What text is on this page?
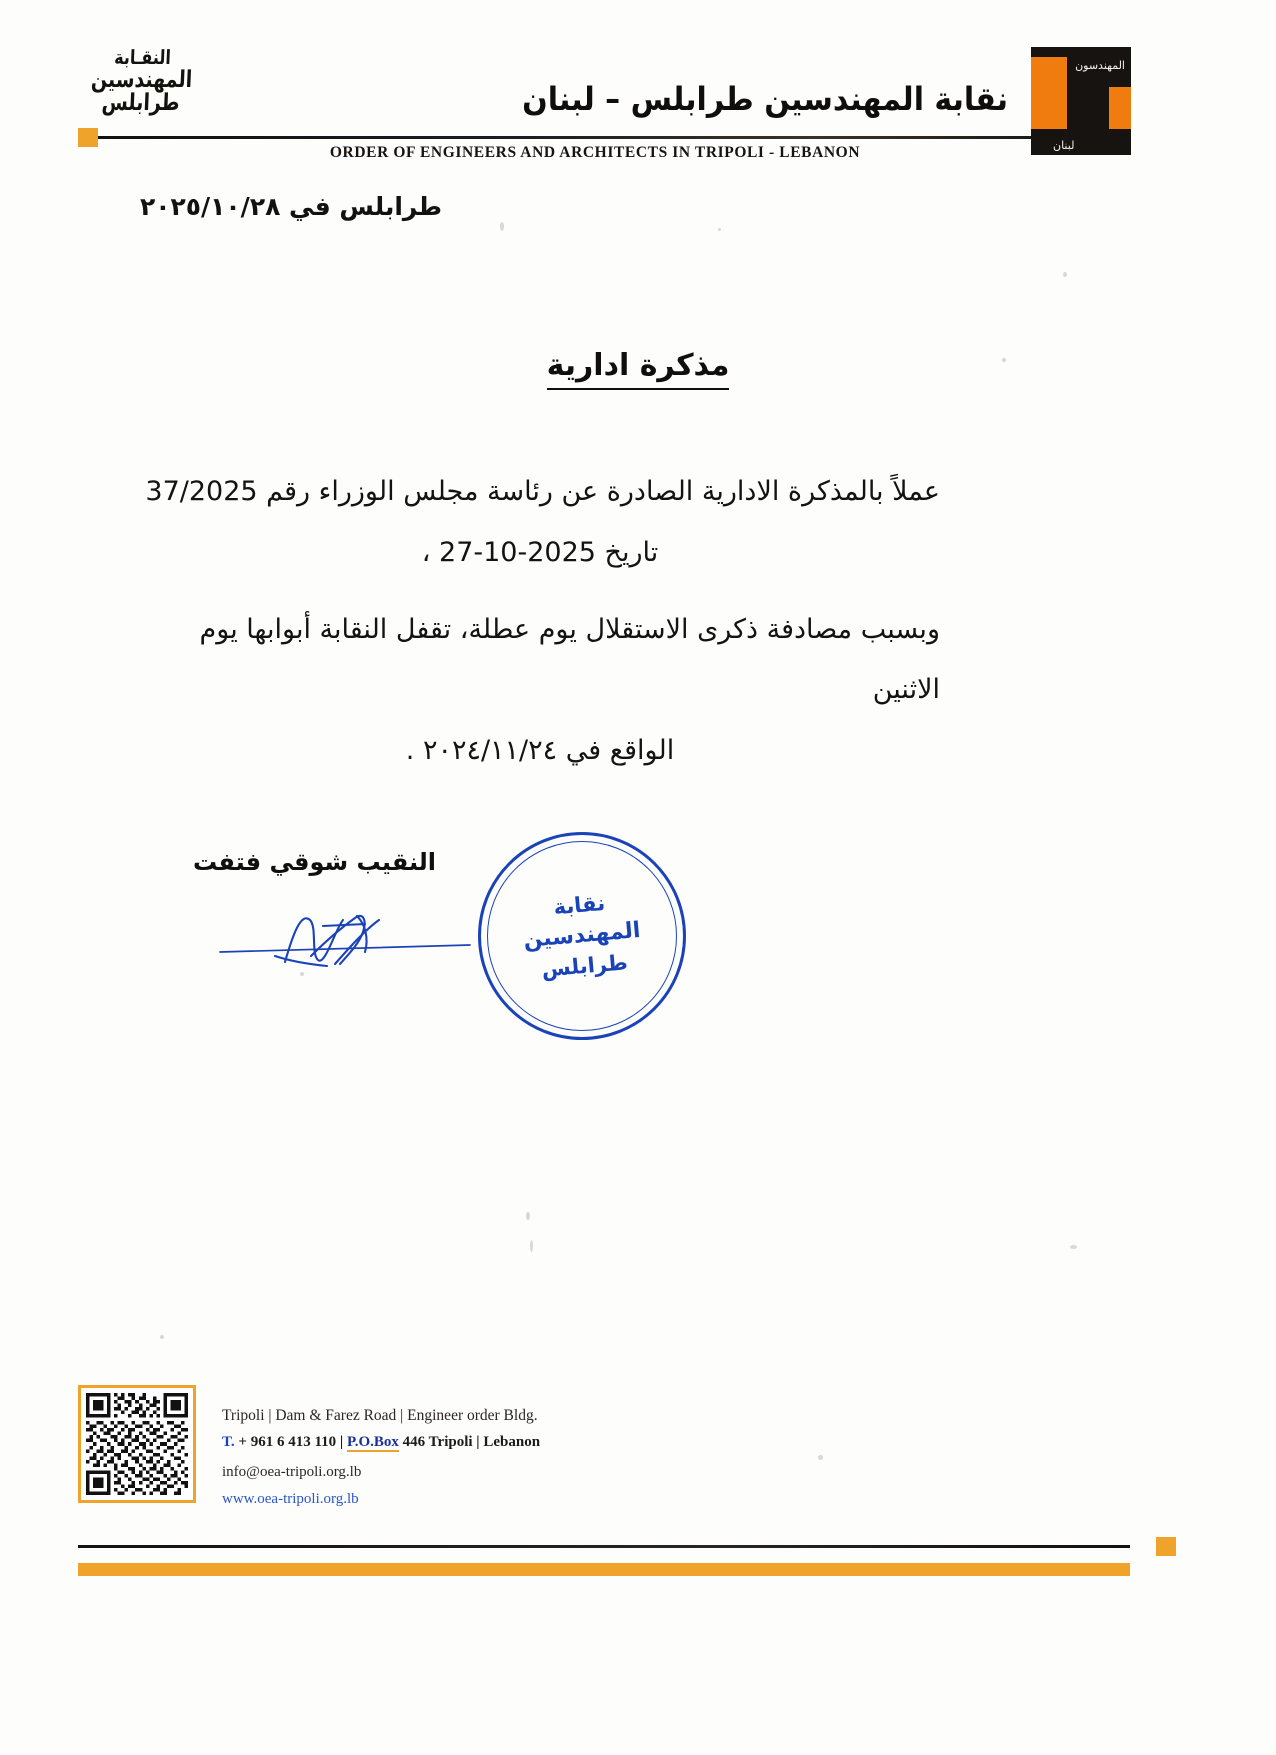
النقـابة
المهندسين
طرابلس	نقابة المهندسين طرابلس – لبنان
ORDER OF ENGINEERS AND ARCHITECTS IN TRIPOLI - LEBANON
المهندسون
لبنان
طرابلس في ٢٠٢٥/١٠/٢٨
مذكرة ادارية
عملاً بالمذكرة الادارية الصادرة عن رئاسة مجلس الوزراء رقم 37/2025
تاريخ 2025-10-27 ،
وبسبب مصادفة ذكرى الاستقلال يوم عطلة، تقفل النقابة أبوابها يوم الاثنين
الواقع في ٢٠٢٤/١١/٢٤ .
النقيب شوقي فتفت
نقابة
المهندسين
طرابلس
Tripoli | Dam & Farez Road | Engineer order Bldg.
T. + 961 6 413 110 | P.O.Box 446 Tripoli | Lebanon
info@oea-tripoli.org.lb
www.oea-tripoli.org.lb
